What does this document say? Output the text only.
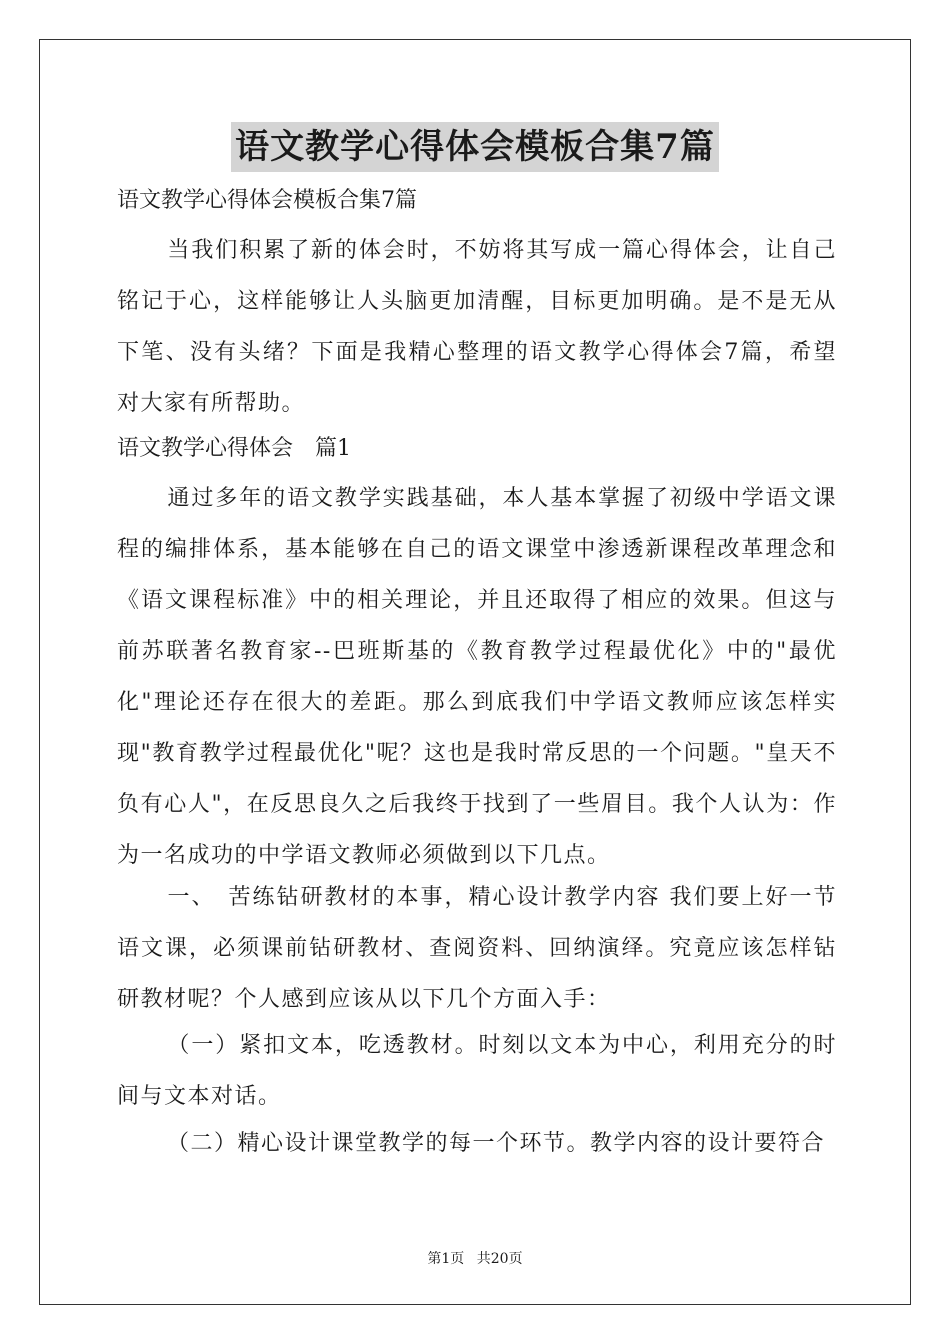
语文教学心得体会模板合集7篇
语文教学心得体会模板合集7篇
当我们积累了新的体会时，不妨将其写成一篇心得体会，让自己铭记于心，这样能够让人头脑更加清醒，目标更加明确。是不是无从下笔、没有头绪？下面是我精心整理的语文教学心得体会7篇，希望对大家有所帮助。
语文教学心得体会　篇1
通过多年的语文教学实践基础，本人基本掌握了初级中学语文课程的编排体系，基本能够在自己的语文课堂中渗透新课程改革理念和《语文课程标准》中的相关理论，并且还取得了相应的效果。但这与前苏联著名教育家--巴班斯基的《教育教学过程最优化》中的"最优化"理论还存在很大的差距。那么到底我们中学语文教师应该怎样实现"教育教学过程最优化"呢？这也是我时常反思的一个问题。"皇天不负有心人"，在反思良久之后我终于找到了一些眉目。我个人认为：作为一名成功的中学语文教师必须做到以下几点。
一、　苦练钻研教材的本事，精心设计教学内容 我们要上好一节语文课，必须课前钻研教材、查阅资料、回纳演绎。究竟应该怎样钻研教材呢？个人感到应该从以下几个方面入手：
（一）紧扣文本，吃透教材。时刻以文本为中心，利用充分的时间与文本对话。
（二）精心设计课堂教学的每一个环节。教学内容的设计要符合
第1页 共20页
